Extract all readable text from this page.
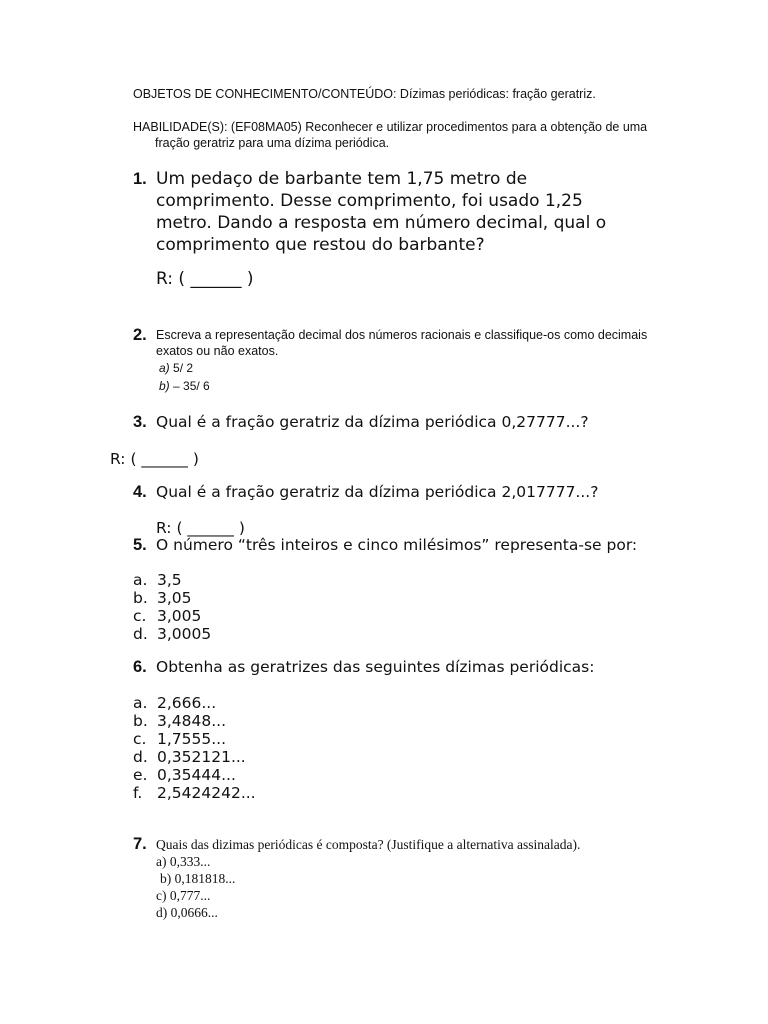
OBJETOS DE CONHECIMENTO/CONTEÚDO: Dízimas periódicas: fração geratriz.
HABILIDADE(S): (EF08MA05) Reconhecer e utilizar procedimentos para a obtenção de uma
fração geratriz para uma dízima periódica.
1. Um pedaço de barbante tem 1,75 metro de
comprimento. Desse comprimento, foi usado 1,25
metro. Dando a resposta em número decimal, qual o
comprimento que restou do barbante?
R: ( ______ )
2. Escreva a representação decimal dos números racionais e classifique-os como decimais
exatos ou não exatos.
a) 5/ 2
b) – 35/ 6
3. Qual é a fração geratriz da dízima periódica 0,27777...?
R: ( ______ )
4. Qual é a fração geratriz da dízima periódica 2,017777...?
R: ( ______ )
5. O número “três inteiros e cinco milésimos” representa-se por:
a. 3,5
b. 3,05
c. 3,005
d. 3,0005
6. Obtenha as geratrizes das seguintes dízimas periódicas:
a. 2,666...
b. 3,4848...
c. 1,7555...
d. 0,352121...
e. 0,35444...
f. 2,5424242...
7. Quais das dizimas periódicas é composta? (Justifique a alternativa assinalada).
a) 0,333...
b) 0,181818...
c) 0,777...
d) 0,0666...
